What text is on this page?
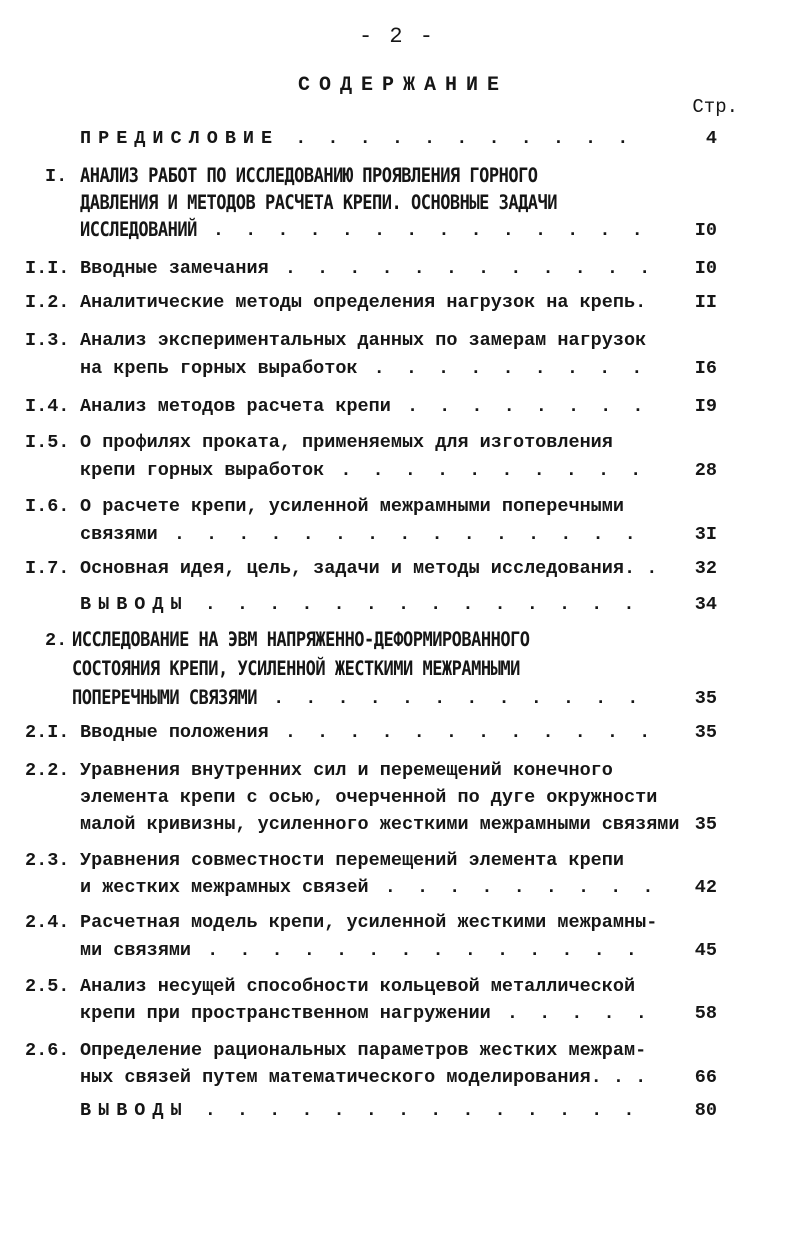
- 2 -
СОДЕРЖАНИЕ
Стр.
ПРЕДИСЛОВИЕ . . . . . . . . . . .	4
I. АНАЛИЗ РАБОТ ПО ИССЛЕДОВАНИЮ ПРОЯВЛЕНИЯ ГОРНОГО
ДАВЛЕНИЯ И МЕТОДОВ РАСЧЕТА КРЕПИ. ОСНОВНЫЕ ЗАДАЧИ
ИССЛЕДОВАНИЙ . . . . . . . . . . . . . .	I0
I.I. Вводные замечания . . . . . . . . . . . .	I0
I.2. Аналитические методы определения нагрузок на крепь.	II
I.3. Анализ экспериментальных данных по замерам нагрузок
на крепь горных выработок . . . . . . . . .	I6
I.4. Анализ методов расчета крепи . . . . . . . .	I9
I.5. О профилях проката, применяемых для изготовления
крепи горных выработок . . . . . . . . . .	28
I.6. О расчете крепи, усиленной межрамными поперечными
связями . . . . . . . . . . . . . . .	3I
I.7. Основная идея, цель, задачи и методы исследования. .	32
ВЫВОДЫ . . . . . . . . . . . . . .	34
2. ИССЛЕДОВАНИЕ НА ЭВМ НАПРЯЖЕННО-ДЕФОРМИРОВАННОГО
СОСТОЯНИЯ КРЕПИ, УСИЛЕННОЙ ЖЕСТКИМИ МЕЖРАМНЫМИ
ПОПЕРЕЧНЫМИ СВЯЗЯМИ . . . . . . . . . . . .	35
2.I. Вводные положения . . . . . . . . . . . .	35
2.2. Уравнения внутренних сил и перемещений конечного
элемента крепи с осью, очерченной по дуге окружности
малой кривизны, усиленного жесткими межрамными связями 35
2.3. Уравнения совместности перемещений элемента крепи
и жестких межрамных связей . . . . . . . . .	42
2.4. Расчетная модель крепи, усиленной жесткими межрамны-
ми связями . . . . . . . . . . . . . .	45
2.5. Анализ несущей способности кольцевой металлической
крепи при пространственном нагружении . . . . .	58
2.6. Определение рациональных параметров жестких межрам-
ных связей путем математического моделирования. . .	66
ВЫВОДЫ . . . . . . . . . . . . . .	80
